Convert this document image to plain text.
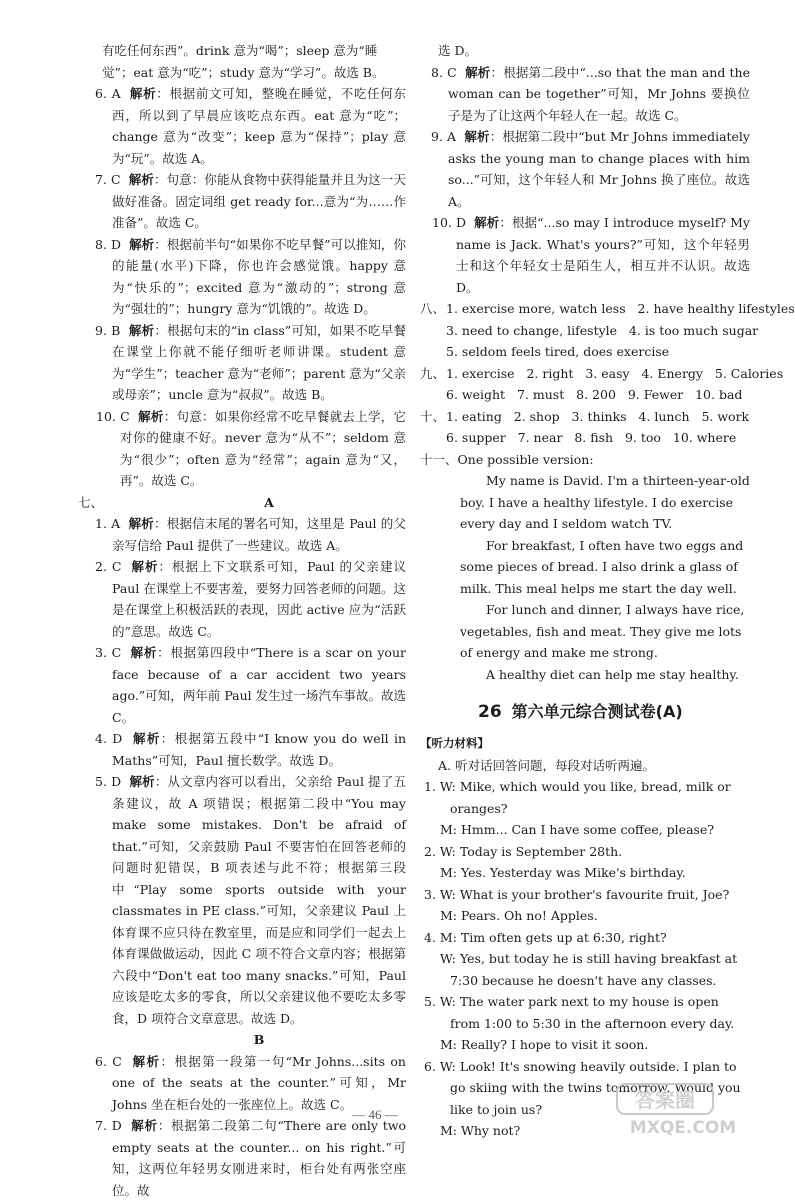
有吃任何东西”。drink 意为“喝”；sleep 意为“睡

觉”；eat 意为“吃”；study 意为“学习”。故选 B。

6. A 解析：根据前文可知，整晚在睡觉，不吃任何东西，所以到了早晨应该吃点东西。eat 意为“吃”；change 意为“改变”；keep 意为“保持”；play 意为“玩”。故选 A。

7. C 解析：句意：你能从食物中获得能量并且为这一天做好准备。固定词组 get ready for...意为“为……作准备”。故选 C。

8. D 解析：根据前半句“如果你不吃早餐”可以推知，你的能量(水平)下降，你也许会感觉饿。happy 意为“快乐的”；excited 意为“激动的”；strong 意为“强壮的”；hungry 意为“饥饿的”。故选 D。

9. B 解析：根据句末的“in class”可知，如果不吃早餐在课堂上你就不能仔细听老师讲课。student 意为“学生”；teacher 意为“老师”；parent 意为“父亲或母亲”；uncle 意为“叔叔”。故选 B。

10. C 解析：句意：如果你经常不吃早餐就去上学，它对你的健康不好。never 意为“从不”；seldom 意为“很少”；often 意为“经常”；again 意为“又，再”。故选 C。

七、	A

1. A 解析：根据信末尾的署名可知，这里是 Paul 的父亲写信给 Paul 提供了一些建议。故选 A。

2. C 解析：根据上下文联系可知，Paul 的父亲建议 Paul 在课堂上不要害羞，要努力回答老师的问题。这是在课堂上积极活跃的表现，因此 active 应为“活跃的”意思。故选 C。

3. C 解析：根据第四段中“There is a scar on your face because of a car accident two years ago.”可知，两年前 Paul 发生过一场汽车事故。故选 C。

4. D 解析：根据第五段中“I know you do well in Maths”可知，Paul 擅长数学。故选 D。

5. D 解析：从文章内容可以看出，父亲给 Paul 提了五条建议，故 A 项错误；根据第二段中“You may make some mistakes. Don't be afraid of that.”可知，父亲鼓励 Paul 不要害怕在回答老师的问题时犯错误，B 项表述与此不符；根据第三段中“Play some sports outside with your classmates in PE class.”可知，父亲建议 Paul 上体育课不应只待在教室里，而是应和同学们一起去上体育课做做运动，因此 C 项不符合文章内容；根据第六段中“Don't eat too many snacks.”可知，Paul 应该是吃太多的零食，所以父亲建议他不要吃太多零食，D 项符合文章意思。故选 D。

B

6. C 解析：根据第一段第一句“Mr Johns...sits on one of the seats at the counter.”可知，Mr Johns 坐在柜台处的一张座位上。故选 C。

7. D 解析：根据第二段第二句“There are only two empty seats at the counter... on his right.”可知，这两位年轻男女刚进来时，柜台处有两张空座位。故

选 D。

8. C 解析：根据第二段中“...so that the man and the woman can be together”可知，Mr Johns 要换位子是为了让这两个年轻人在一起。故选 C。

9. A 解析：根据第二段中“but Mr Johns immediately asks the young man to change places with him so...”可知，这个年轻人和 Mr Johns 换了座位。故选 A。

10. D 解析：根据“...so may I introduce myself? My name is Jack. What's yours?”可知，这个年轻男士和这个年轻女士是陌生人，相互并不认识。故选 D。

八、 1. exercise more, watch less   2. have healthy lifestyles
3. need to change, lifestyle   4. is too much sugar
5. seldom feels tired, does exercise
九、 1. exercise   2. right   3. easy   4. Energy   5. Calories
6. weight   7. must   8. 200   9. Fewer   10. bad
十、 1. eating   2. shop   3. thinks   4. lunch   5. work
6. supper   7. near   8. fish   9. too   10. where
十一、 One possible version:

My name is David. I'm a thirteen-year-old boy. I have a healthy lifestyle. I do exercise every day and I seldom watch TV.

For breakfast, I often have two eggs and some pieces of bread. I also drink a glass of milk. This meal helps me start the day well.

For lunch and dinner, I always have rice, vegetables, fish and meat. They give me lots of energy and make me strong.

A healthy diet can help me stay healthy.

26 第六单元综合测试卷(A)

【听力材料】

A. 听对话回答问题，每段对话听两遍。

1. W: Mike, which would you like, bread, milk or oranges?

M: Hmm... Can I have some coffee, please?

2. W: Today is September 28th.

M: Yes. Yesterday was Mike's birthday.

3. W: What is your brother's favourite fruit, Joe?

M: Pears. Oh no! Apples.

4. M: Tim often gets up at 6:30, right?

W: Yes, but today he is still having breakfast at 7:30 because he doesn't have any classes.

5. W: The water park next to my house is open from 1:00 to 5:30 in the afternoon every day.

M: Really? I hope to visit it soon.

6. W: Look! It's snowing heavily outside. I plan to go skiing with the twins tomorrow. Would you like to join us?

M: Why not?

— 46 —
答案圈
MXQE.COM
